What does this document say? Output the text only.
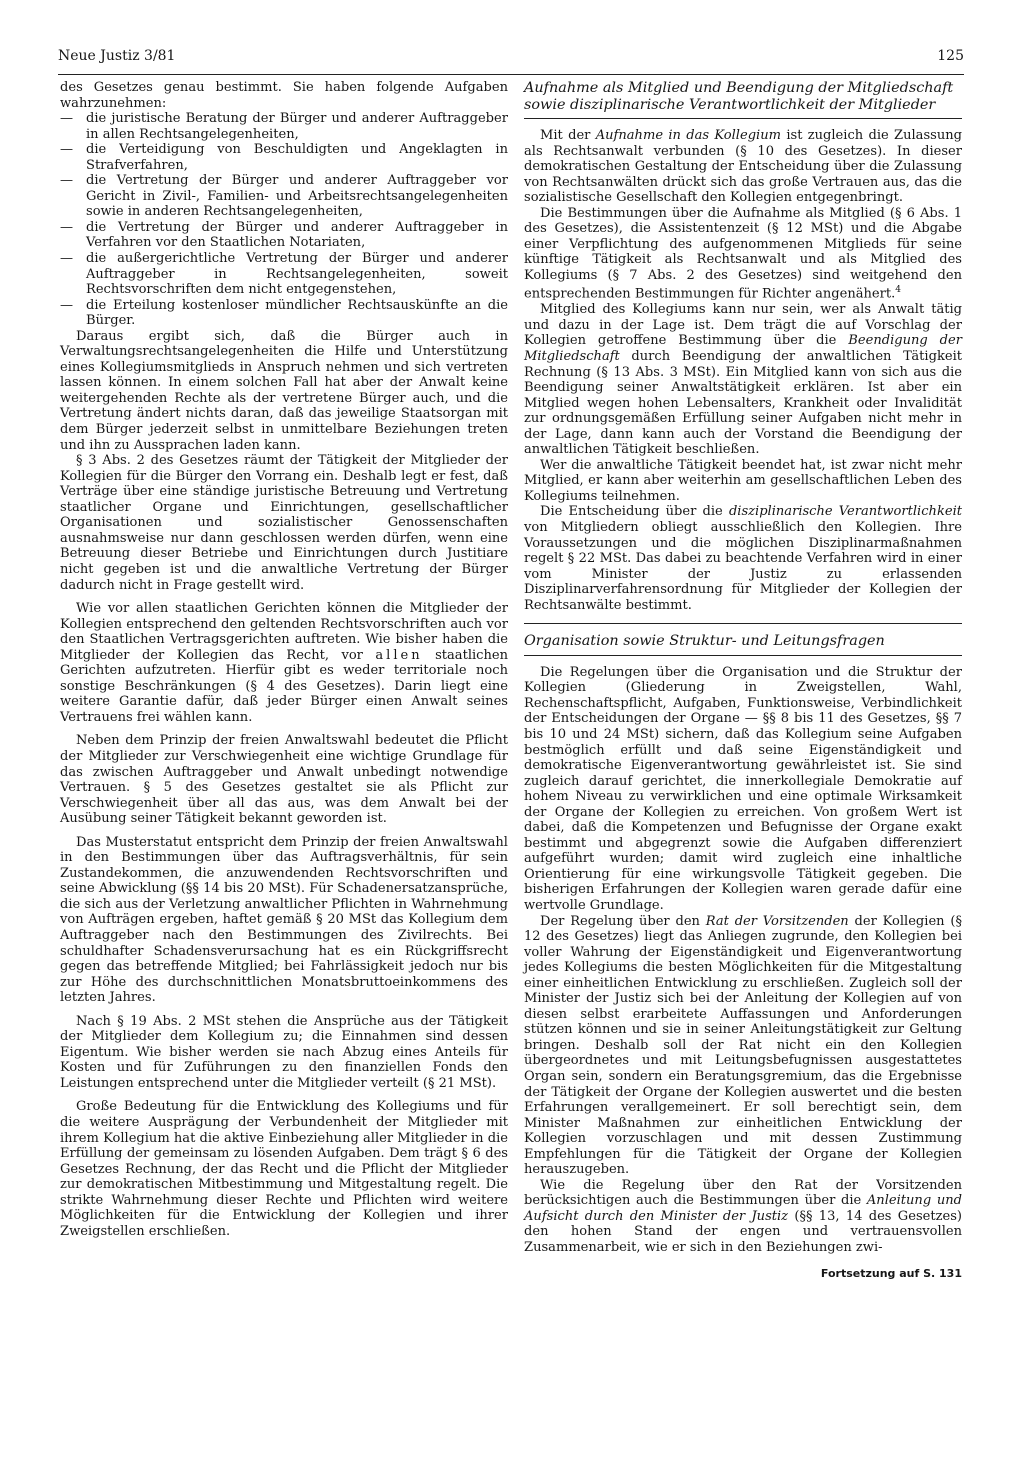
Neue Justiz 3/81	125

des Gesetzes genau bestimmt. Sie haben folgende Aufgaben wahrzunehmen:

— die juristische Beratung der Bürger und anderer Auftraggeber in allen Rechtsangelegenheiten,
— die Verteidigung von Beschuldigten und Angeklagten in Strafverfahren,
— die Vertretung der Bürger und anderer Auftraggeber vor Gericht in Zivil-, Familien- und Arbeitsrechtsangelegenheiten sowie in anderen Rechtsangelegenheiten,
— die Vertretung der Bürger und anderer Auftraggeber in Verfahren vor den Staatlichen Notariaten,
— die außergerichtliche Vertretung der Bürger und anderer Auftraggeber in Rechtsangelegenheiten, soweit Rechtsvorschriften dem nicht entgegenstehen,
— die Erteilung kostenloser mündlicher Rechtsauskünfte an die Bürger.

Daraus ergibt sich, daß die Bürger auch in Verwaltungsrechtsangelegenheiten die Hilfe und Unterstützung eines Kollegiumsmitglieds in Anspruch nehmen und sich vertreten lassen können. In einem solchen Fall hat aber der Anwalt keine weitergehenden Rechte als der vertretene Bürger auch, und die Vertretung ändert nichts daran, daß das jeweilige Staatsorgan mit dem Bürger jederzeit selbst in unmittelbare Beziehungen treten und ihn zu Aussprachen laden kann.

§ 3 Abs. 2 des Gesetzes räumt der Tätigkeit der Mitglieder der Kollegien für die Bürger den Vorrang ein. Deshalb legt er fest, daß Verträge über eine ständige juristische Betreuung und Vertretung staatlicher Organe und Einrichtungen, gesellschaftlicher Organisationen und sozialistischer Genossenschaften ausnahmsweise nur dann geschlossen werden dürfen, wenn eine Betreuung dieser Betriebe und Einrichtungen durch Justitiare nicht gegeben ist und die anwaltliche Vertretung der Bürger dadurch nicht in Frage gestellt wird.

Wie vor allen staatlichen Gerichten können die Mitglieder der Kollegien entsprechend den geltenden Rechtsvorschriften auch vor den Staatlichen Vertragsgerichten auftreten. Wie bisher haben die Mitglieder der Kollegien das Recht, vor allen staatlichen Gerichten aufzutreten. Hierfür gibt es weder territoriale noch sonstige Beschränkungen (§ 4 des Gesetzes). Darin liegt eine weitere Garantie dafür, daß jeder Bürger einen Anwalt seines Vertrauens frei wählen kann.

Neben dem Prinzip der freien Anwaltswahl bedeutet die Pflicht der Mitglieder zur Verschwiegenheit eine wichtige Grundlage für das zwischen Auftraggeber und Anwalt unbedingt notwendige Vertrauen. § 5 des Gesetzes gestaltet sie als Pflicht zur Verschwiegenheit über all das aus, was dem Anwalt bei der Ausübung seiner Tätigkeit bekannt geworden ist.

Das Musterstatut entspricht dem Prinzip der freien Anwaltswahl in den Bestimmungen über das Auftragsverhältnis, für sein Zustandekommen, die anzuwendenden Rechtsvorschriften und seine Abwicklung (§§ 14 bis 20 MSt). Für Schadenersatzansprüche, die sich aus der Verletzung anwaltlicher Pflichten in Wahrnehmung von Aufträgen ergeben, haftet gemäß § 20 MSt das Kollegium dem Auftraggeber nach den Bestimmungen des Zivilrechts. Bei schuldhafter Schadensverursachung hat es ein Rückgriffsrecht gegen das betreffende Mitglied; bei Fahrlässigkeit jedoch nur bis zur Höhe des durchschnittlichen Monatsbruttoeinkommens des letzten Jahres.

Nach § 19 Abs. 2 MSt stehen die Ansprüche aus der Tätigkeit der Mitglieder dem Kollegium zu; die Einnahmen sind dessen Eigentum. Wie bisher werden sie nach Abzug eines Anteils für Kosten und für Zuführungen zu den finanziellen Fonds den Leistungen entsprechend unter die Mitglieder verteilt (§ 21 MSt).

Große Bedeutung für die Entwicklung des Kollegiums und für die weitere Ausprägung der Verbundenheit der Mitglieder mit ihrem Kollegium hat die aktive Einbeziehung aller Mitglieder in die Erfüllung der gemeinsam zu lösenden Aufgaben. Dem trägt § 6 des Gesetzes Rechnung, der das Recht und die Pflicht der Mitglieder zur demokratischen Mitbestimmung und Mitgestaltung regelt. Die strikte Wahrnehmung dieser Rechte und Pflichten wird weitere Möglichkeiten für die Entwicklung der Kollegien und ihrer Zweigstellen erschließen.

Aufnahme als Mitglied und Beendigung der Mitgliedschaft sowie disziplinarische Verantwortlichkeit der Mitglieder

Mit der Aufnahme in das Kollegium ist zugleich die Zulassung als Rechtsanwalt verbunden (§ 10 des Gesetzes). In dieser demokratischen Gestaltung der Entscheidung über die Zulassung von Rechtsanwälten drückt sich das große Vertrauen aus, das die sozialistische Gesellschaft den Kollegien entgegenbringt.

Die Bestimmungen über die Aufnahme als Mitglied (§ 6 Abs. 1 des Gesetzes), die Assistentenzeit (§ 12 MSt) und die Abgabe einer Verpflichtung des aufgenommenen Mitglieds für seine künftige Tätigkeit als Rechtsanwalt und als Mitglied des Kollegiums (§ 7 Abs. 2 des Gesetzes) sind weitgehend den entsprechenden Bestimmungen für Richter angenähert.$^4$

Mitglied des Kollegiums kann nur sein, wer als Anwalt tätig und dazu in der Lage ist. Dem trägt die auf Vorschlag der Kollegien getroffene Bestimmung über die Beendigung der Mitgliedschaft durch Beendigung der anwaltlichen Tätigkeit Rechnung (§ 13 Abs. 3 MSt). Ein Mitglied kann von sich aus die Beendigung seiner Anwaltstätigkeit erklären. Ist aber ein Mitglied wegen hohen Lebensalters, Krankheit oder Invalidität zur ordnungsgemäßen Erfüllung seiner Aufgaben nicht mehr in der Lage, dann kann auch der Vorstand die Beendigung der anwaltlichen Tätigkeit beschließen.

Wer die anwaltliche Tätigkeit beendet hat, ist zwar nicht mehr Mitglied, er kann aber weiterhin am gesellschaftlichen Leben des Kollegiums teilnehmen.

Die Entscheidung über die disziplinarische Verantwortlichkeit von Mitgliedern obliegt ausschließlich den Kollegien. Ihre Voraussetzungen und die möglichen Disziplinarmaßnahmen regelt § 22 MSt. Das dabei zu beachtende Verfahren wird in einer vom Minister der Justiz zu erlassenden Disziplinarverfahrensordnung für Mitglieder der Kollegien der Rechtsanwälte bestimmt.

Organisation sowie Struktur- und Leitungsfragen

Die Regelungen über die Organisation und die Struktur der Kollegien (Gliederung in Zweigstellen, Wahl, Rechenschaftspflicht, Aufgaben, Funktionsweise, Verbindlichkeit der Entscheidungen der Organe — §§ 8 bis 11 des Gesetzes, §§ 7 bis 10 und 24 MSt) sichern, daß das Kollegium seine Aufgaben bestmöglich erfüllt und daß seine Eigenständigkeit und demokratische Eigenverantwortung gewährleistet ist. Sie sind zugleich darauf gerichtet, die innerkollegiale Demokratie auf hohem Niveau zu verwirklichen und eine optimale Wirksamkeit der Organe der Kollegien zu erreichen. Von großem Wert ist dabei, daß die Kompetenzen und Befugnisse der Organe exakt bestimmt und abgegrenzt sowie die Aufgaben differenziert aufgeführt wurden; damit wird zugleich eine inhaltliche Orientierung für eine wirkungsvolle Tätigkeit gegeben. Die bisherigen Erfahrungen der Kollegien waren gerade dafür eine wertvolle Grundlage.

Der Regelung über den Rat der Vorsitzenden der Kollegien (§ 12 des Gesetzes) liegt das Anliegen zugrunde, den Kollegien bei voller Wahrung der Eigenständigkeit und Eigenverantwortung jedes Kollegiums die besten Möglichkeiten für die Mitgestaltung einer einheitlichen Entwicklung zu erschließen. Zugleich soll der Minister der Justiz sich bei der Anleitung der Kollegien auf von diesen selbst erarbeitete Auffassungen und Anforderungen stützen können und sie in seiner Anleitungstätigkeit zur Geltung bringen. Deshalb soll der Rat nicht ein den Kollegien übergeordnetes und mit Leitungsbefugnissen ausgestattetes Organ sein, sondern ein Beratungsgremium, das die Ergebnisse der Tätigkeit der Organe der Kollegien auswertet und die besten Erfahrungen verallgemeinert. Er soll berechtigt sein, dem Minister Maßnahmen zur einheitlichen Entwicklung der Kollegien vorzuschlagen und mit dessen Zustimmung Empfehlungen für die Tätigkeit der Organe der Kollegien herauszugeben.

Wie die Regelung über den Rat der Vorsitzenden berücksichtigen auch die Bestimmungen über die Anleitung und Aufsicht durch den Minister der Justiz (§§ 13, 14 des Gesetzes) den hohen Stand der engen und vertrauensvollen Zusammenarbeit, wie er sich in den Beziehungen zwi-

Fortsetzung auf S. 131
